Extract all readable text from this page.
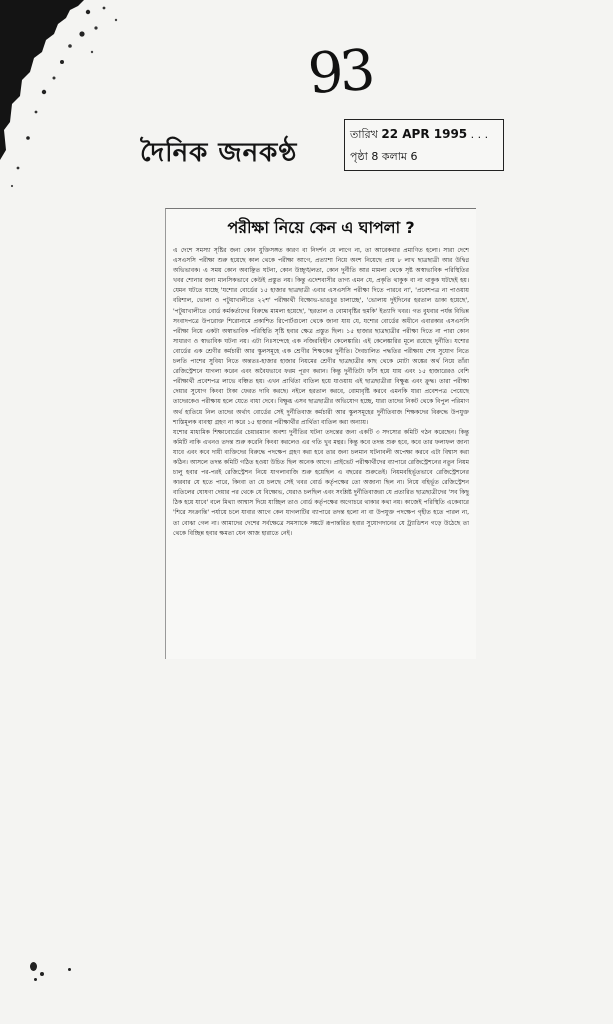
93
দৈনিক জনকণ্ঠ
তারিখ 22 APR 1995 . . .
পৃষ্ঠা 8 কলাম 6
পরীক্ষা নিয়ে কেন এ ঘাপলা ?

এ দেশে সমস্যা সৃষ্টির জন্য কোন যুক্তিসঙ্গত কারণ বা নিদর্শন যে লাগে না, তা আরেকবার প্রমাণিত হলো। সারা দেশে এসএসসি পরীক্ষা শুরু হয়েছে কাল থেকে পরীক্ষা আগে, প্রত্যাশা নিয়ে অংশ নিয়েছে প্রায় ৮ লাখ ছাত্রছাত্রী আর উদ্বিগ্ন অভিভাবক। এ সময় কোন অবাঞ্ছিত ঘটনা, কোন উচ্ছৃঙ্খলতা, কোন দুর্নীতি আর মামলা থেকে সৃষ্ট অস্বাভাবিক পরিস্থিতির খবর শোনার জন্য মানসিকভাবে কেউই প্রস্তুত নয়। কিন্তু এদেশবাসীর তাগ্য এমন যে, প্রকৃতি থাকুক বা না থাকুক ঘটছেই হয়। যেমন ঘটতে যাচ্ছে 'যশোর বোর্ডের ১৫ হাজার ছাত্রছাত্রী এবার এসএসসি পরীক্ষা দিতে পারবে না', 'প্রবেশপত্র না পাওয়ায় বরিশাল, ভোলা ও পটুয়াখালীতে ২২শ' পরীক্ষার্থী বিক্ষোভ-ভাঙচুর চালাচ্ছে', 'ভোলায় দুইদিনের হরতাল ডাকা হয়েছে', 'পটুয়াখালীতে বোর্ড কর্মকর্তাদের বিরুদ্ধে মামলা হয়েছে', 'হরতাল ও বোমাবৃষ্টির হুমকি' ইত্যাদি খবর। গত বুধবার পর্যন্ত বিভিন্ন সংবাদপত্রে উপরোক্ত শিরোনামে প্রকাশিত রিপোর্টগুলো থেকে জানা যায় যে, যশোর বোর্ডের অধীনে এবারকার এসএসসি পরীক্ষা নিয়ে একটা অস্বাভাবিক পরিস্থিতি সৃষ্টি হবার ক্ষেত্র প্রস্তুত ছিল। ১৫ হাজার ছাত্রছাত্রীর পরীক্ষা দিতে না পারা কোন সাধারণ ও স্বাভাবিক ঘটনা নয়। এটা নিঃসন্দেহে এক নজিরবিহীন কেলেঙ্কারি। এই কেলেঙ্কারির মূলে রয়েছে দুর্নীতি। যশোর বোর্ডের এক শ্রেণীর কর্মচারী আর স্কুলসমূহে এক শ্রেণীর শিক্ষকের দুর্নীতি। দৈবচালিত পদ্ধতির পরীক্ষায় শেষ সুযোগ নিতে চলতি পাশের সুবিধা নিতে অন্ততঃ-হাজার হাজার নিয়মের শ্রেণীর ছাত্রছাত্রীর কাছ থেকে মোটা অঙ্কের অর্থ নিয়ে তাঁরা রেজিস্ট্রেশনে যাগলা করেন এবং অবৈধভাবে ফরম পূরণ করান। কিন্তু দুর্নীতিটা ফাঁস হয়ে যায় এবং ১৫ হাজারেরও বেশি পরীক্ষার্থী প্রবেশপত্র লাভে বঞ্চিত হয়। এখন প্রার্থিতা বাতিল হয়ে যাওয়ায় এই ছাত্রছাত্রীরা বিক্ষুব্ধ এবং ক্রুদ্ধ। তারা পরীক্ষা দেয়ার সুযোগ কিংবা টাকা ফেরত দাবি করছে। নইলে হরতাল করবে, বোমাবৃষ্টি করবে এমনকি যারা প্রবেশপত্র পেয়েছে তাদেরকেও পরীক্ষায় হলে যেতে বাধা দেবে। বিক্ষুব্ধ এসব ছাত্রছাত্রীর অভিযোগ হচ্ছে, যারা তাদের নিকট থেকে বিপুল পরিমাণ অর্থ হাতিয়ে নিল তাদের অর্থাৎ বোর্ডের সেই দুর্নীতিবাজ কর্মচারী আর স্কুলসমূহের দুর্নীতিবাজ শিক্ষকদের বিরুদ্ধে উপযুক্ত শাস্তিমূলক ব্যবস্থা গ্রহণ না করে ১৫ হাজার পরীক্ষার্থীর প্রার্থিতা বাতিল করা অন্যায়।

যশোর মাধ্যমিক শিক্ষাবোর্ডের চেয়ারম্যান অবশ্য দুর্নীতির ঘটনা তদন্তের জন্য একটি ৩ সদস্যের কমিটি গঠন করেছেন। কিন্তু কমিটি নাকি এখনও তদন্ত শুরু করেনি কিংবা করলেও এর গতি খুব মন্থর। কিন্তু কবে তদন্ত শুরু হবে, কবে তার ফলাফল জানা যাবে এবং কবে দায়ী ব্যক্তিদের বিরুদ্ধে পদক্ষেপ গ্রহণ করা হবে তার জন্য চলমান ঘটনাবলী অপেক্ষা করবে এটা বিশ্বাস করা কঠিন। আসলে তদন্ত কমিটি গঠিত হওয়া উচিত ছিল অনেক আগে। প্রাইভেট পরীক্ষার্থীদের ব্যাপারে রেজিস্ট্রেশনের নতুন নিয়ম চালু হবার পর-পরই রেজিস্ট্রেশন নিয়ে যাগলাবাজি শুরু হয়েছিল এ বছরের শুরুতেই। নিয়মবহির্ভূতভাবে রেজিস্ট্রেশনের কারবার যে হতে পারে, কিংবা তা যে চলছে সেই খবর বোর্ড কর্তৃপক্ষের তো অজানা ছিল না। নিয়ে বহির্ভূত রেজিস্ট্রেশন বাতিলের ঘোষণা দেয়ার পর থেকে যে বিক্ষোভ, ঘেরাও চলছিল এবং সংশ্লিষ্ট দুর্নীতিবাজরা যে প্রতারিত ছাত্রছাত্রীদের 'সব কিছু ঠিক হয়ে যাবে' বলে মিথ্যা আশ্বাস দিয়ে যাচ্ছিল তাও বোর্ড কর্তৃপক্ষের অগোচরে থাকার কথা নয়। কাজেই পরিস্থিতি একেবারে 'শিরে সংক্রান্তি' পর্যায়ে চলে যাবার আগে কেন যাগলাটির ব্যাপারে তদন্ত হলো না বা উপযুক্ত পদক্ষেপ গৃহীত হতে পারল না, তা বোঝা গেল না। আমাদের দেশের সর্বক্ষেত্রে সমস্যাকে সঙ্কটে রূপান্তরিত হবার সুযোগদানের যে ট্র্যাডিশন গড়ে উঠেছে তা থেকে বিচ্ছিন্ন হবার ক্ষমতা যেন আজ হারাতে নেই।
